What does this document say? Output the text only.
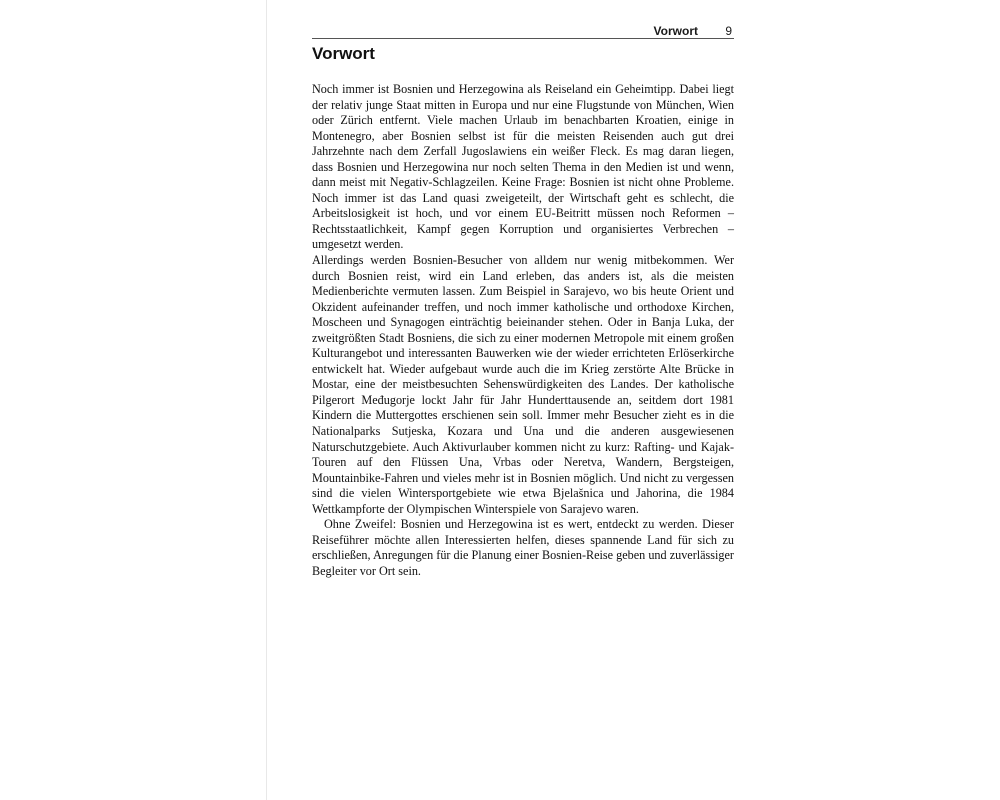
Vorwort 9
Vorwort

Noch immer ist Bosnien und Herzegowina als Reiseland ein Geheimtipp. Dabei liegt der relativ junge Staat mitten in Europa und nur eine Flugstunde von München, Wien oder Zürich entfernt. Viele machen Urlaub im benachbarten Kroatien, einige in Montenegro, aber Bosnien selbst ist für die meisten Reisenden auch gut drei Jahrzehnte nach dem Zerfall Jugoslawiens ein weißer Fleck. Es mag daran liegen, dass Bosnien und Herzegowina nur noch selten Thema in den Medien ist und wenn, dann meist mit Negativ-Schlagzeilen. Keine Frage: Bosnien ist nicht ohne Probleme. Noch immer ist das Land quasi zweigeteilt, der Wirtschaft geht es schlecht, die Arbeitslosigkeit ist hoch, und vor einem EU-Beitritt müssen noch Reformen – Rechtsstaatlichkeit, Kampf gegen Korruption und organisiertes Verbrechen – umgesetzt werden.

Allerdings werden Bosnien-Besucher von alldem nur wenig mitbekommen. Wer durch Bosnien reist, wird ein Land erleben, das anders ist, als die meisten Medienberichte vermuten lassen. Zum Beispiel in Sarajevo, wo bis heute Orient und Okzident aufeinander treffen, und noch immer katholische und orthodoxe Kirchen, Moscheen und Synagogen einträchtig beieinander stehen. Oder in Banja Luka, der zweitgrößten Stadt Bosniens, die sich zu einer modernen Metropole mit einem großen Kulturangebot und interessanten Bauwerken wie der wieder errichteten Erlöserkirche entwickelt hat. Wieder aufgebaut wurde auch die im Krieg zerstörte Alte Brücke in Mostar, eine der meistbesuchten Sehenswürdigkeiten des Landes. Der katholische Pilgerort Međugorje lockt Jahr für Jahr Hunderttausende an, seitdem dort 1981 Kindern die Muttergottes erschienen sein soll. Immer mehr Besucher zieht es in die Nationalparks Sutjeska, Kozara und Una und die anderen ausgewiesenen Naturschutzgebiete. Auch Aktivurlauber kommen nicht zu kurz: Rafting- und Kajak-Touren auf den Flüssen Una, Vrbas oder Neretva, Wandern, Bergsteigen, Mountainbike-Fahren und vieles mehr ist in Bosnien möglich. Und nicht zu vergessen sind die vielen Wintersportgebiete wie etwa Bjelašnica und Jahorina, die 1984 Wettkampforte der Olympischen Winterspiele von Sarajevo waren.

Ohne Zweifel: Bosnien und Herzegowina ist es wert, entdeckt zu werden. Dieser Reiseführer möchte allen Interessierten helfen, dieses spannende Land für sich zu erschließen, Anregungen für die Planung einer Bosnien-Reise geben und zuverlässiger Begleiter vor Ort sein.
